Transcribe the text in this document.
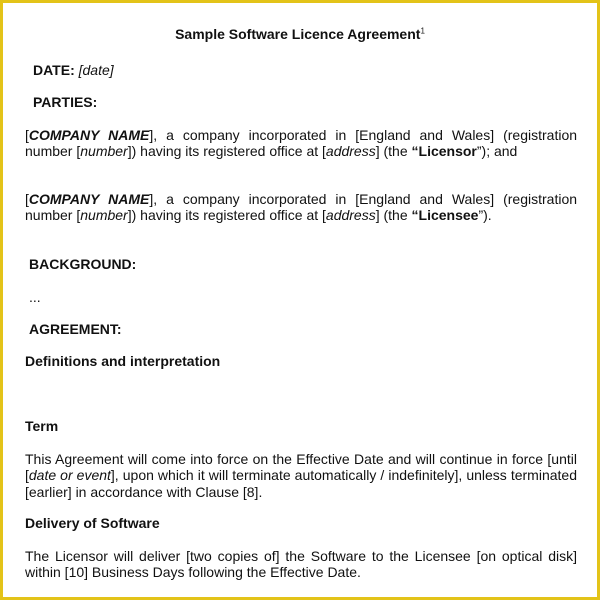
Sample Software Licence Agreement$^1$
DATE: [date]
PARTIES:
[COMPANY NAME], a company incorporated in [England and Wales] (registration number [number]) having its registered office at [address] (the “Licensor”); and
[COMPANY NAME], a company incorporated in [England and Wales] (registration number [number]) having its registered office at [address] (the “Licensee”).
BACKGROUND:
...
AGREEMENT:
Definitions and interpretation
Term
This Agreement will come into force on the Effective Date and will continue in force [until [date or event], upon which it will terminate automatically / indefinitely], unless terminated [earlier] in accordance with Clause [8].
Delivery of Software
The Licensor will deliver [two copies of] the Software to the Licensee [on optical disk] within [10] Business Days following the Effective Date.
